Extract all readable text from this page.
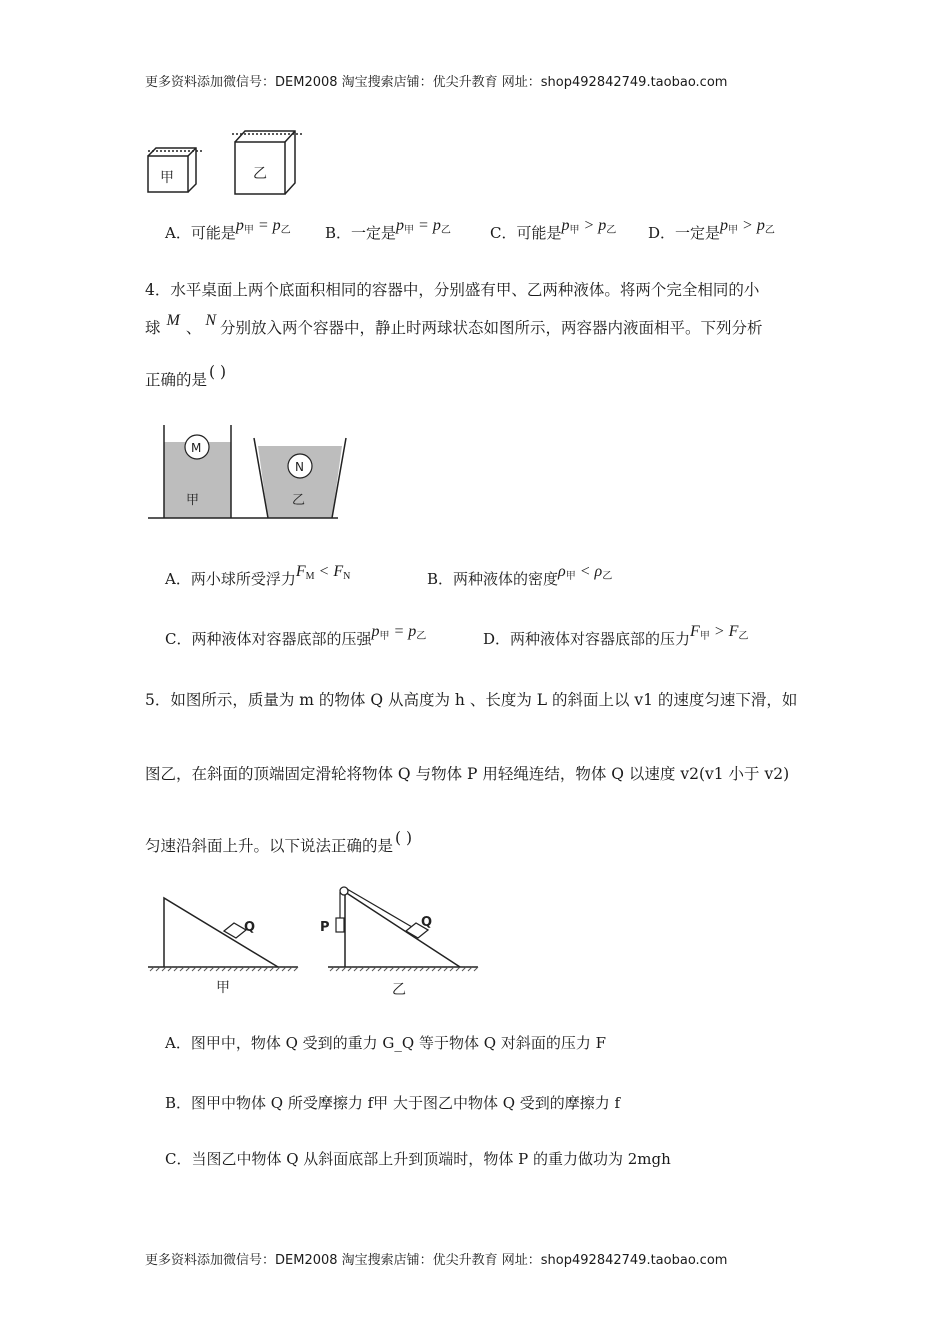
更多资料添加微信号：DEM2008 淘宝搜索店铺：优尖升教育 网址：shop492842749.taobao.com
甲	乙
A．可能是$p_甲 = p_乙$ B．一定是$p_甲 = p_乙$	C．可能是$p_甲 > p_乙$ D．一定是$p_甲 > p_乙$
4．水平桌面上两个底面积相同的容器中，分别盛有甲、乙两种液体。将两个完全相同的小
球 M 、 N 分别放入两个容器中，静止时两球状态如图所示，两容器内液面相平。下列分析
正确的是 ( )
M
N
甲	乙
A．两小球所受浮力$F_M < F_N$	B．两种液体的密度$\rho_甲 < \rho_乙$
C．两种液体对容器底部的压强$p_甲 = p_乙$	D．两种液体对容器底部的压力$F_甲 > F_乙$
5．如图所示，质量为 m 的物体 Q 从高度为 h 、长度为 L 的斜面上以 v1 的速度匀速下滑，如
图乙，在斜面的顶端固定滑轮将物体 Q 与物体 P 用轻绳连结，物体 Q 以速度 v2(v1 小于 v2)
匀速沿斜面上升。以下说法正确的是 ( )
Q
甲
P	Q
乙
A．图甲中，物体 Q 受到的重力 G_Q 等于物体 Q 对斜面的压力 F
B．图甲中物体 Q 所受摩擦力 f甲 大于图乙中物体 Q 受到的摩擦力 f
C．当图乙中物体 Q 从斜面底部上升到顶端时，物体 P 的重力做功为 2mgh
更多资料添加微信号：DEM2008 淘宝搜索店铺：优尖升教育 网址：shop492842749.taobao.com
